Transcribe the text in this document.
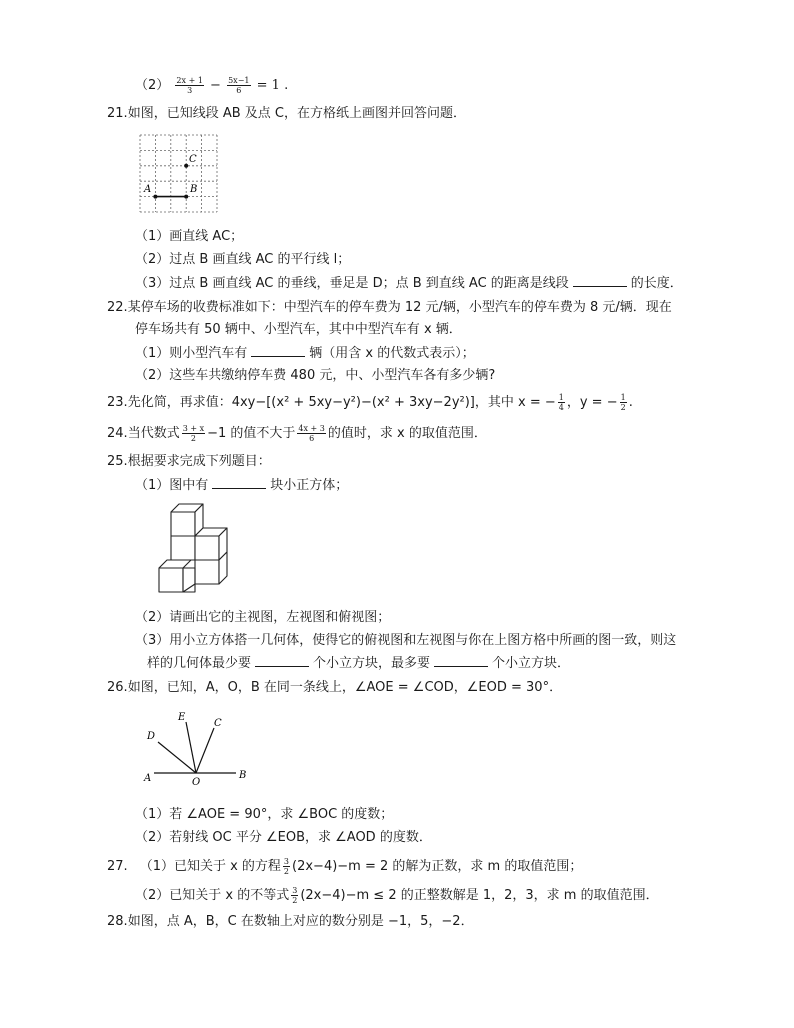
$(2) \frac{2x + 1}{3} - \frac{5x-1}{6} = 1$ .
21.如图，已知线段 AB 及点 C，在方格纸上画图并回答问题．
A	B
C
（1）画直线 AC；
（2）过点 B 画直线 AC 的平行线 l；
（3）过点 B 画直线 AC 的垂线，垂足是 D；点 B 到直线 AC 的距离是线段	的长度．
22.某停车场的收费标准如下：中型汽车的停车费为 12 元/辆，小型汽车的停车费为 8 元/辆．现在
停车场共有 50 辆中、小型汽车，其中中型汽车有 x 辆．
（1）则小型汽车有	辆（用含 x 的代数式表示）；
（2）这些车共缴纳停车费 480 元，中、小型汽车各有多少辆?
23.先化简，再求值：4xy−[(x² + 5xy−y²)−(x² + 3xy−2y²)]，其中 x = − $\frac{1}{4}$ ，y = − $\frac{1}{2}$ .
24.当代数式 $\frac{3 + x}{2} -1$ 的值不大于 $\frac{4x + 3}{6}$ 的值时，求 x 的取值范围．
25.根据要求完成下列题目：
（1）图中有	块小正方体；
（2）请画出它的主视图，左视图和俯视图；
（3）用小立方体搭一几何体，使得它的俯视图和左视图与你在上图方格中所画的图一致，则这
样的几何体最少要	个小立方块，最多要	个小立方块．
26.如图，已知，A，O，B 在同一条线上，∠AOE = ∠COD，∠EOD = 30°．
A	O
B
D
E
C
（1）若 ∠AOE = 90°，求 ∠BOC 的度数；
（2）若射线 OC 平分 ∠EOB，求 ∠AOD 的度数．
27. （1）已知关于 x 的方程 $\frac{3}{2} (2x-4)-m = 2$ 的解为正数，求 m 的取值范围；
（2）已知关于 x 的不等式 $\frac{3}{2} (2x-4)-m \le 2$ 的正整数解是 1，2，3，求 m 的取值范围．
28.如图，点 A，B，C 在数轴上对应的数分别是 −1，5，−2．
